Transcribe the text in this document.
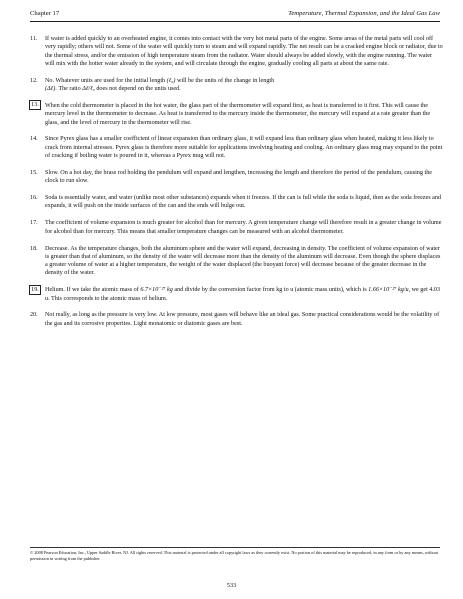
Chapter 17	Temperature, Thermal Expansion, and the Ideal Gas Law
11.	If water is added quickly to an overheated engine, it comes into contact with the very hot metal parts of the engine. Some areas of the metal parts will cool off very rapidly; others will not. Some of the water will quickly turn to steam and will expand rapidly. The net result can be a cracked engine block or radiator, due to the thermal stress, and/or the emission of high temperature steam from the radiator. Water should always be added slowly, with the engine running. The water will mix with the hotter water already in the system, and will circulate through the engine, gradually cooling all parts at about the same rate.
12.	No. Whatever units are used for the initial length (ℓ₀) will be the units of the change in length
(Δℓ). The ratio Δℓ/ℓ₀ does not depend on the units used.
13.	When the cold thermometer is placed in the hot water, the glass part of the thermometer will expand first, as heat is transferred to it first. This will cause the mercury level in the thermometer to decrease. As heat is transferred to the mercury inside the thermometer, the mercury will expand at a rate greater than the glass, and the level of mercury in the thermometer will rise.
14.	Since Pyrex glass has a smaller coefficient of linear expansion than ordinary glass, it will expand less than ordinary glass when heated, making it less likely to crack from internal stresses. Pyrex glass is therefore more suitable for applications involving heating and cooling. An ordinary glass mug may expand to the point of cracking if boiling water is poured in it, whereas a Pyrex mug will not.
15.	Slow. On a hot day, the brass rod holding the pendulum will expand and lengthen, increasing the length and therefore the period of the pendulum, causing the clock to run slow.
16.	Soda is essentially water, and water (unlike most other substances) expands when it freezes. If the can is full while the soda is liquid, then as the soda freezes and expands, it will push on the inside surfaces of the can and the ends will bulge out.
17.	The coefficient of volume expansion is much greater for alcohol than for mercury. A given temperature change will therefore result in a greater change in volume for alcohol than for mercury. This means that smaller temperature changes can be measured with an alcohol thermometer.
18.	Decrease. As the temperature changes, both the aluminum sphere and the water will expand, decreasing in density. The coefficient of volume expansion of water is greater than that of aluminum, so the density of the water will decrease more than the density of the aluminum will decrease. Even though the sphere displaces a greater volume of water at a higher temperature, the weight of the water displaced (the buoyant force) will decrease because of the greater decrease in the density of the water.
19.	Helium. If we take the atomic mass of 6.7×10⁻²⁷ kg and divide by the conversion factor from kg to u (atomic mass units), which is 1.66×10⁻²⁷ kg/u, we get 4.03 u. This corresponds to the atomic mass of helium.
20.	Not really, as long as the pressure is very low. At low pressure, most gases will behave like an ideal gas. Some practical considerations would be the volatility of the gas and its corrosive properties. Light monatomic or diatomic gases are best.
© 2008 Pearson Education, Inc., Upper Saddle River, NJ. All rights reserved. This material is protected under all copyright laws as they currently exist. No portion of this material may be reproduced, in any form or by any means, without permission in writing from the publisher.
533
